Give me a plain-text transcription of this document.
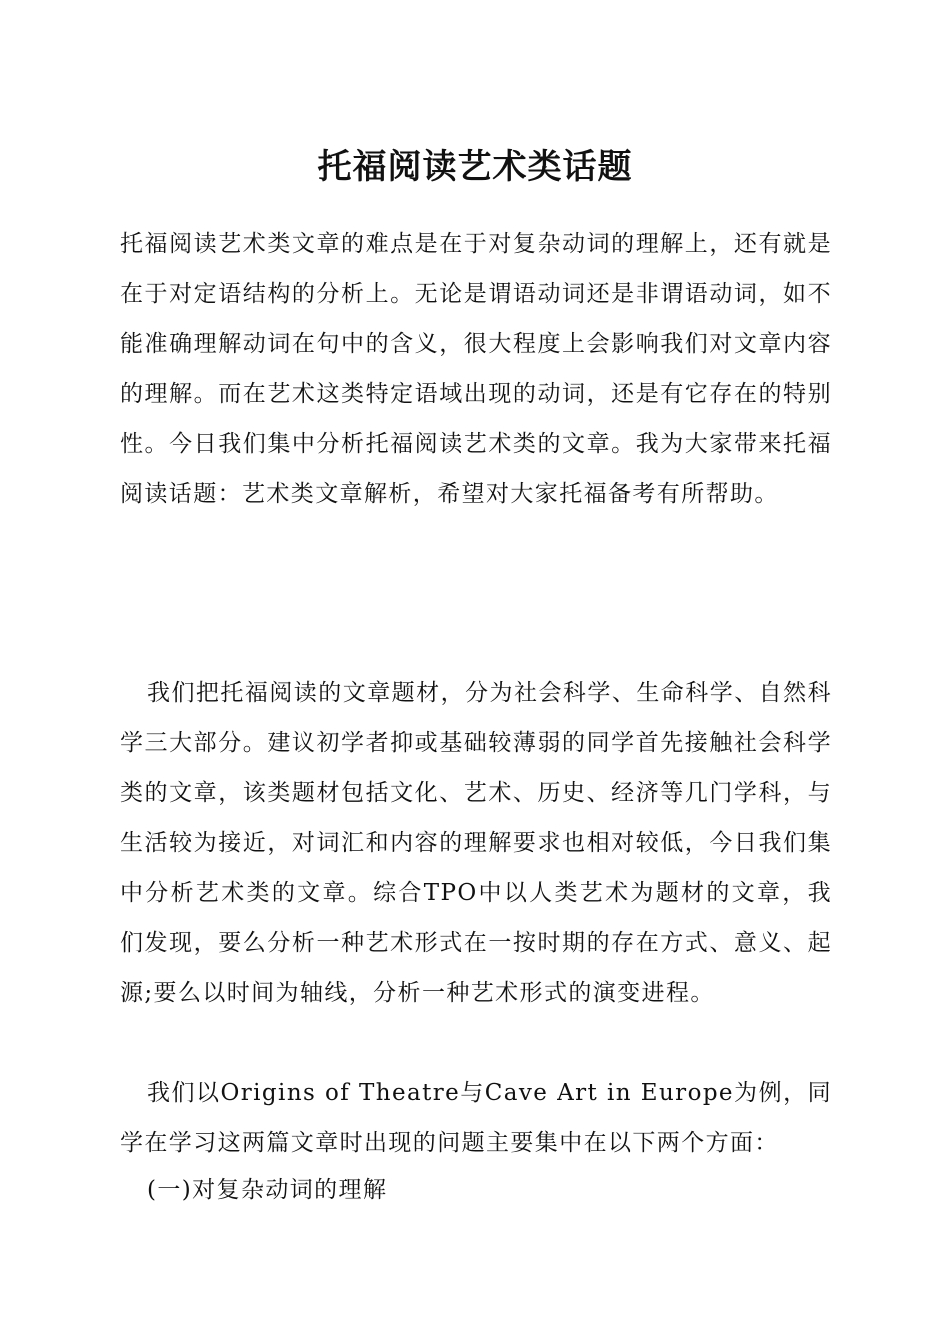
托福阅读艺术类话题

托福阅读艺术类文章的难点是在于对复杂动词的理解上，还有就是在于对定语结构的分析上。无论是谓语动词还是非谓语动词，如不能准确理解动词在句中的含义，很大程度上会影响我们对文章内容的理解。而在艺术这类特定语域出现的动词，还是有它存在的特别性。今日我们集中分析托福阅读艺术类的文章。我为大家带来托福阅读话题：艺术类文章解析，希望对大家托福备考有所帮助。

我们把托福阅读的文章题材，分为社会科学、生命科学、自然科学三大部分。建议初学者抑或基础较薄弱的同学首先接触社会科学类的文章，该类题材包括文化、艺术、历史、经济等几门学科，与生活较为接近，对词汇和内容的理解要求也相对较低，今日我们集中分析艺术类的文章。综合TPO中以人类艺术为题材的文章，我们发现，要么分析一种艺术形式在一按时期的存在方式、意义、起源;要么以时间为轴线，分析一种艺术形式的演变进程。

我们以Origins of Theatre与Cave Art in Europe为例，同学在学习这两篇文章时出现的问题主要集中在以下两个方面：

(一)对复杂动词的理解
